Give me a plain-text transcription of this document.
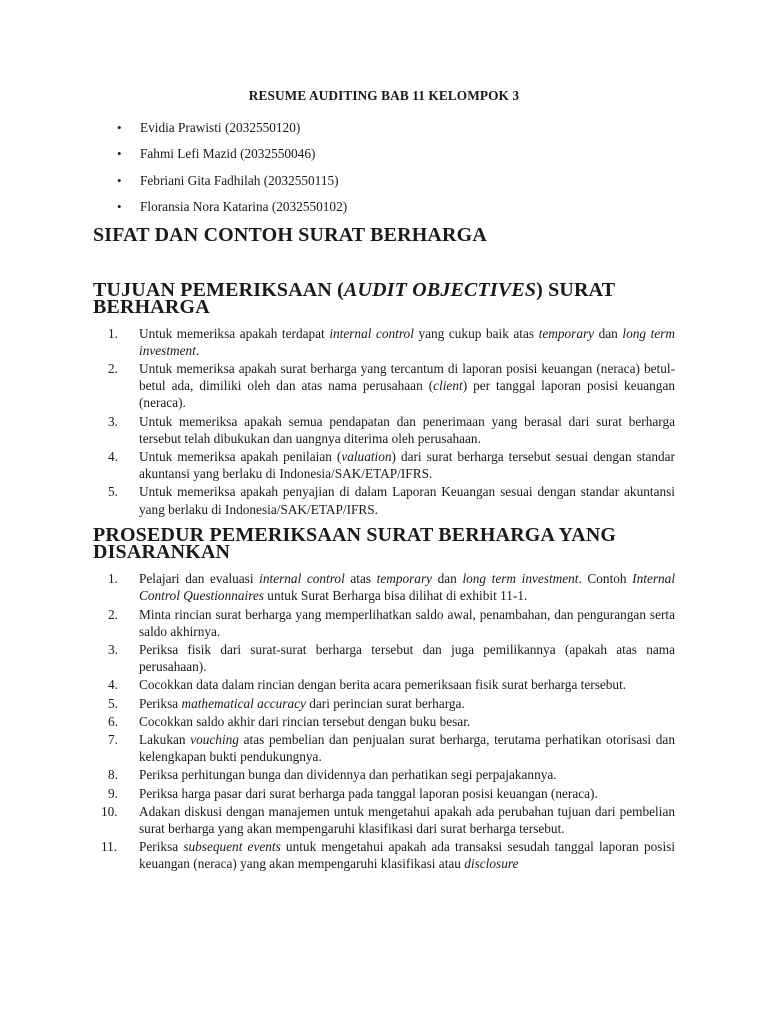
RESUME AUDITING BAB 11 KELOMPOK 3
• Evidia Prawisti (2032550120)
• Fahmi Lefi Mazid (2032550046)
• Febriani Gita Fadhilah (2032550115)
• Floransia Nora Katarina (2032550102)
SIFAT DAN CONTOH SURAT BERHARGA
TUJUAN PEMERIKSAAN (AUDIT OBJECTIVES) SURAT BERHARGA
1.	Untuk memeriksa apakah terdapat internal control yang cukup baik atas temporary dan long term investment.
2.	Untuk memeriksa apakah surat berharga yang tercantum di laporan posisi keuangan (neraca) betul-betul ada, dimiliki oleh dan atas nama perusahaan (client) per tanggal laporan posisi keuangan (neraca).
3.	Untuk memeriksa apakah semua pendapatan dan penerimaan yang berasal dari surat berharga tersebut telah dibukukan dan uangnya diterima oleh perusahaan.
4.	Untuk memeriksa apakah penilaian (valuation) dari surat berharga tersebut sesuai dengan standar akuntansi yang berlaku di Indonesia/SAK/ETAP/IFRS.
5.	Untuk memeriksa apakah penyajian di dalam Laporan Keuangan sesuai dengan standar akuntansi yang berlaku di Indonesia/SAK/ETAP/IFRS.
PROSEDUR PEMERIKSAAN SURAT BERHARGA YANG DISARANKAN
1.	Pelajari dan evaluasi internal control atas temporary dan long term investment. Contoh Internal Control Questionnaires untuk Surat Berharga bisa dilihat di exhibit 11-1.
2.	Minta rincian surat berharga yang memperlihatkan saldo awal, penambahan, dan pengurangan serta saldo akhirnya.
3.	Periksa fisik dari surat-surat berharga tersebut dan juga pemilikannya (apakah atas nama perusahaan).
4.	Cocokkan data dalam rincian dengan berita acara pemeriksaan fisik surat berharga tersebut.
5.	Periksa mathematical accuracy dari perincian surat berharga.
6.	Cocokkan saldo akhir dari rincian tersebut dengan buku besar.
7.	Lakukan vouching atas pembelian dan penjualan surat berharga, terutama perhatikan otorisasi dan kelengkapan bukti pendukungnya.
8.	Periksa perhitungan bunga dan dividennya dan perhatikan segi perpajakannya.
9.	Periksa harga pasar dari surat berharga pada tanggal laporan posisi keuangan (neraca).
10.	Adakan diskusi dengan manajemen untuk mengetahui apakah ada perubahan tujuan dari pembelian surat berharga yang akan mempengaruhi klasifikasi dari surat berharga tersebut.
11.	Periksa subsequent events untuk mengetahui apakah ada transaksi sesudah tanggal laporan posisi keuangan (neraca) yang akan mempengaruhi klasifikasi atau disclosure
